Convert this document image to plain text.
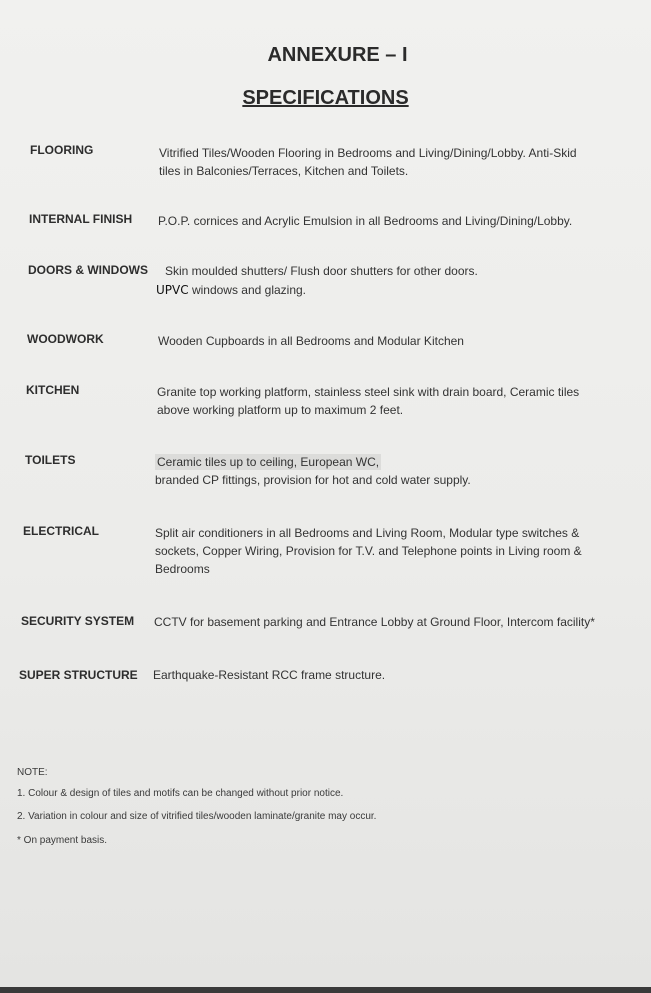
ANNEXURE – I
SPECIFICATIONS
FLOORING	Vitrified Tiles/Wooden Flooring in Bedrooms and Living/Dining/Lobby. Anti-Skid
tiles in Balconies/Terraces, Kitchen and Toilets.
INTERNAL FINISH P.O.P. cornices and Acrylic Emulsion in all Bedrooms and Living/Dining/Lobby.
DOORS & WINDOWS Skin moulded shutters/ Flush door shutters for other doors.
UPVC windows and glazing.
WOODWORK	Wooden Cupboards in all Bedrooms and Modular Kitchen
KITCHEN	Granite top working platform, stainless steel sink with drain board, Ceramic tiles
above working platform up to maximum 2 feet.
TOILETS	Ceramic tiles up to ceiling, European WC,
branded CP fittings, provision for hot and cold water supply.
ELECTRICAL	Split air conditioners in all Bedrooms and Living Room, Modular type switches &
sockets, Copper Wiring, Provision for T.V. and Telephone points in Living room &
Bedrooms
SECURITY SYSTEM CCTV for basement parking and Entrance Lobby at Ground Floor, Intercom facility*
SUPER STRUCTURE Earthquake-Resistant RCC frame structure.
NOTE:
1. Colour & design of tiles and motifs can be changed without prior notice.
2. Variation in colour and size of vitrified tiles/wooden laminate/granite may occur.
* On payment basis.
